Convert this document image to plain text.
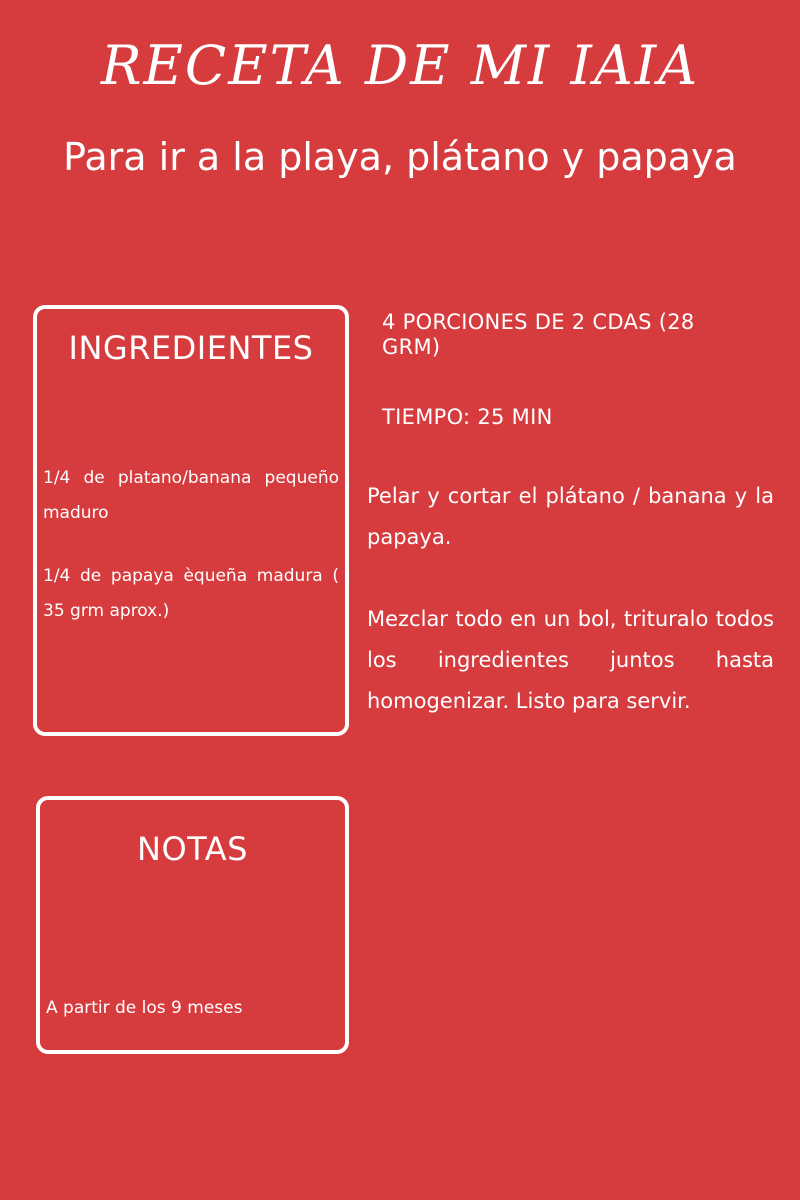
RECETA DE MI IAIA
Para ir a la playa, plátano y papaya
INGREDIENTES
1/4 de platano/banana pequeño maduro
1/4 de papaya èqueña madura ( 35 grm aprox.)
4 PORCIONES DE 2 CDAS (28 GRM)
TIEMPO: 25 MIN

Pelar y cortar el plátano / banana y la papaya.

Mezclar todo en un bol, trituralo todos los ingredientes juntos hasta homogenizar. Listo para servir.

NOTAS
A partir de los 9 meses
